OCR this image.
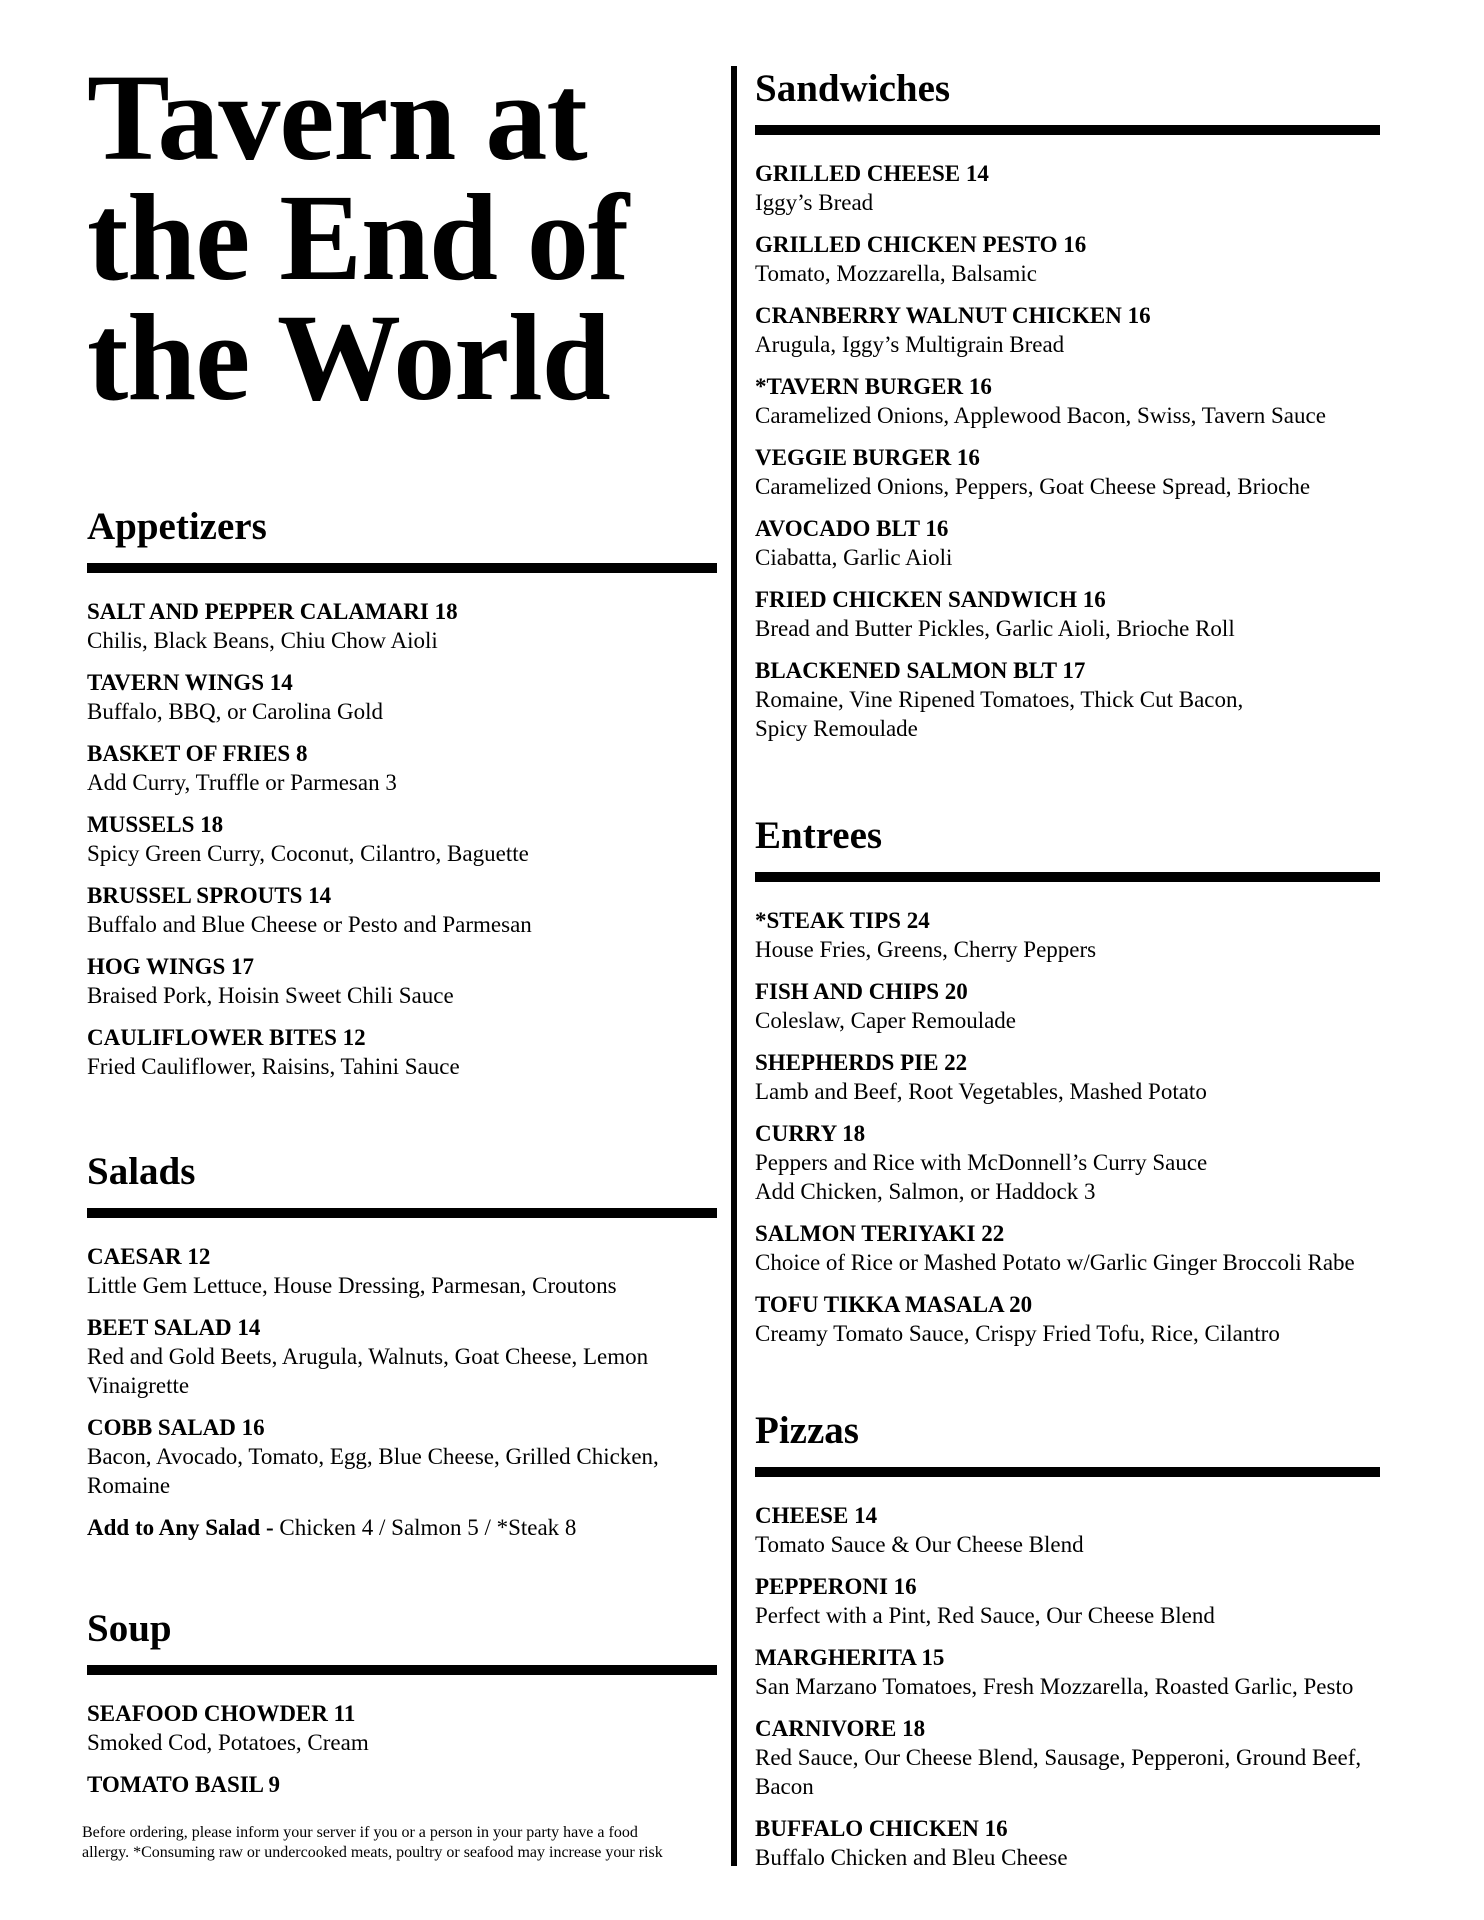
Tavern at the End of the World
Appetizers
SALT AND PEPPER CALAMARI 18
Chilis, Black Beans, Chiu Chow Aioli
TAVERN WINGS 14
Buffalo, BBQ, or Carolina Gold
BASKET OF FRIES 8
Add Curry, Truffle or Parmesan 3
MUSSELS 18
Spicy Green Curry, Coconut, Cilantro, Baguette
BRUSSEL SPROUTS 14
Buffalo and Blue Cheese or Pesto and Parmesan
HOG WINGS 17
Braised Pork, Hoisin Sweet Chili Sauce
CAULIFLOWER BITES 12
Fried Cauliflower, Raisins, Tahini Sauce
Salads
CAESAR 12
Little Gem Lettuce, House Dressing, Parmesan, Croutons
BEET SALAD 14
Red and Gold Beets, Arugula, Walnuts, Goat Cheese, Lemon Vinaigrette
COBB SALAD 16
Bacon, Avocado, Tomato, Egg, Blue Cheese, Grilled Chicken, Romaine
Add to Any Salad - Chicken 4 / Salmon 5 / *Steak 8
Soup
SEAFOOD CHOWDER 11
Smoked Cod, Potatoes, Cream
TOMATO BASIL 9
Before ordering, please inform your server if you or a person in your party have a food allergy. *Consuming raw or undercooked meats, poultry or seafood may increase your risk
Sandwiches
GRILLED CHEESE 14
Iggy’s Bread
GRILLED CHICKEN PESTO 16
Tomato, Mozzarella, Balsamic
CRANBERRY WALNUT CHICKEN 16
Arugula, Iggy’s Multigrain Bread
*TAVERN BURGER 16
Caramelized Onions, Applewood Bacon, Swiss, Tavern Sauce
VEGGIE BURGER 16
Caramelized Onions, Peppers, Goat Cheese Spread, Brioche
AVOCADO BLT 16
Ciabatta, Garlic Aioli
FRIED CHICKEN SANDWICH 16
Bread and Butter Pickles, Garlic Aioli, Brioche Roll
BLACKENED SALMON BLT 17
Romaine, Vine Ripened Tomatoes, Thick Cut Bacon,
Spicy Remoulade
Entrees
*STEAK TIPS 24
House Fries, Greens, Cherry Peppers
FISH AND CHIPS 20
Coleslaw, Caper Remoulade
SHEPHERDS PIE 22
Lamb and Beef, Root Vegetables, Mashed Potato
CURRY 18
Peppers and Rice with McDonnell’s Curry Sauce
Add Chicken, Salmon, or Haddock 3
SALMON TERIYAKI 22
Choice of Rice or Mashed Potato w/Garlic Ginger Broccoli Rabe
TOFU TIKKA MASALA 20
Creamy Tomato Sauce, Crispy Fried Tofu, Rice, Cilantro
Pizzas
CHEESE 14
Tomato Sauce & Our Cheese Blend
PEPPERONI 16
Perfect with a Pint, Red Sauce, Our Cheese Blend
MARGHERITA 15
San Marzano Tomatoes, Fresh Mozzarella, Roasted Garlic, Pesto
CARNIVORE 18
Red Sauce, Our Cheese Blend, Sausage, Pepperoni, Ground Beef, Bacon
BUFFALO CHICKEN 16
Buffalo Chicken and Bleu Cheese
